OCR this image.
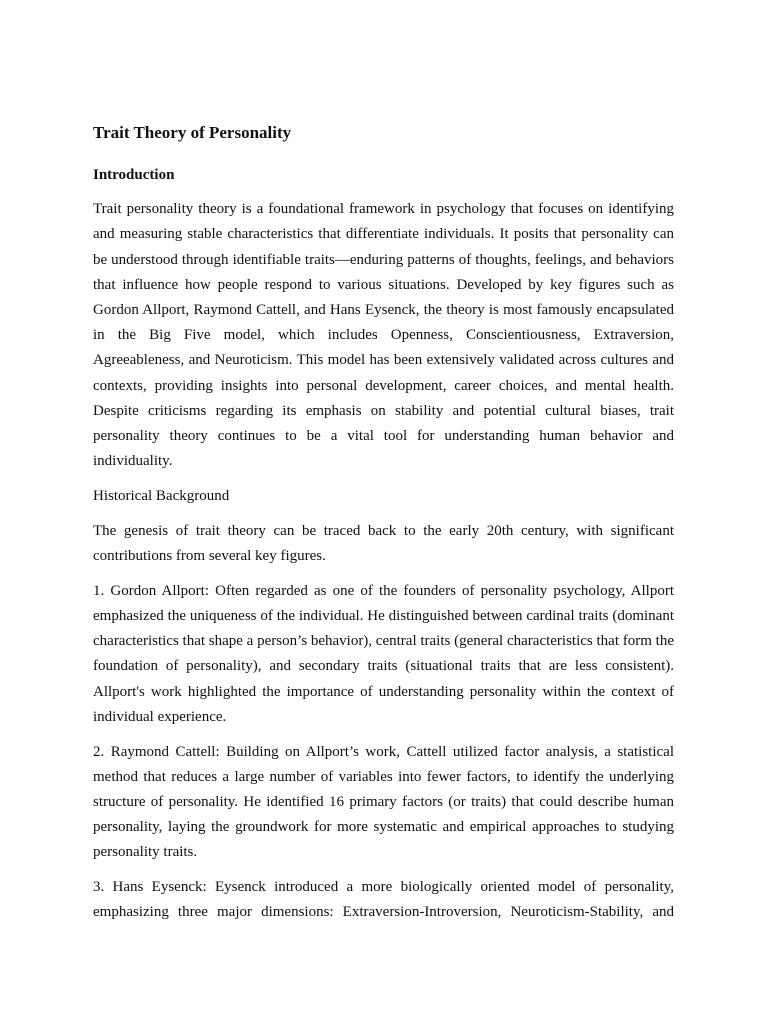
Trait Theory of Personality
Introduction

Trait personality theory is a foundational framework in psychology that focuses on identifying and measuring stable characteristics that differentiate individuals. It posits that personality can be understood through identifiable traits—enduring patterns of thoughts, feelings, and behaviors that influence how people respond to various situations. Developed by key figures such as Gordon Allport, Raymond Cattell, and Hans Eysenck, the theory is most famously encapsulated in the Big Five model, which includes Openness, Conscientiousness, Extraversion, Agreeableness, and Neuroticism. This model has been extensively validated across cultures and contexts, providing insights into personal development, career choices, and mental health. Despite criticisms regarding its emphasis on stability and potential cultural biases, trait personality theory continues to be a vital tool for understanding human behavior and individuality.

Historical Background

The genesis of trait theory can be traced back to the early 20th century, with significant contributions from several key figures.

1. Gordon Allport: Often regarded as one of the founders of personality psychology, Allport emphasized the uniqueness of the individual. He distinguished between cardinal traits (dominant characteristics that shape a person’s behavior), central traits (general characteristics that form the foundation of personality), and secondary traits (situational traits that are less consistent). Allport's work highlighted the importance of understanding personality within the context of individual experience.

2. Raymond Cattell: Building on Allport’s work, Cattell utilized factor analysis, a statistical method that reduces a large number of variables into fewer factors, to identify the underlying structure of personality. He identified 16 primary factors (or traits) that could describe human personality, laying the groundwork for more systematic and empirical approaches to studying personality traits.

3. Hans Eysenck: Eysenck introduced a more biologically oriented model of personality, emphasizing three major dimensions: Extraversion-Introversion, Neuroticism-Stability, and
